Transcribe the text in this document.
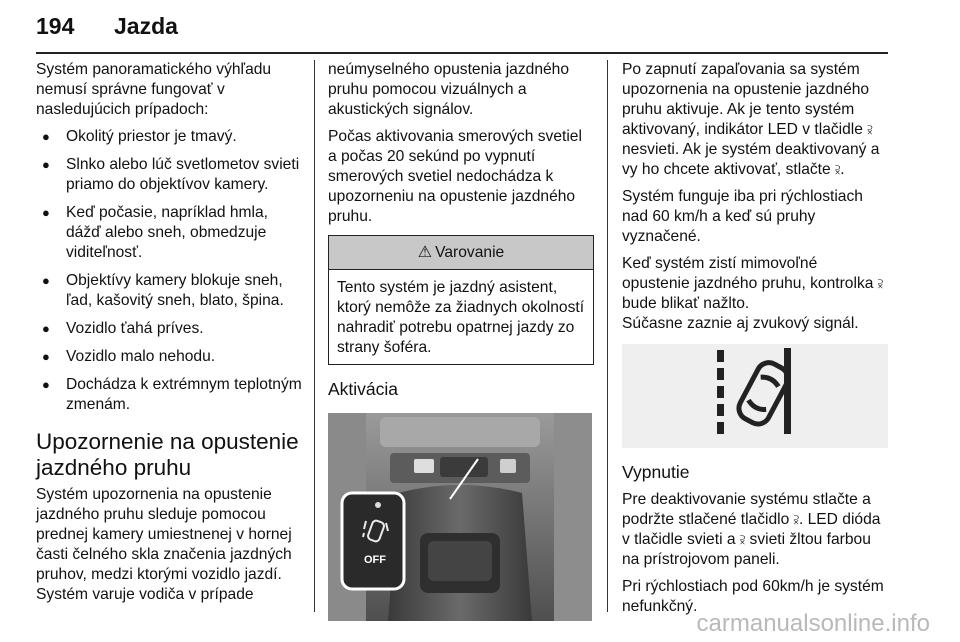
194	Jazda

Systém panoramatického výhľadu nemusí správne fungovať v nasledujúcich prípadoch:

● Okolitý priestor je tmavý.
● Slnko alebo lúč svetlometov svieti priamo do objektívov kamery.
● Keď počasie, napríklad hmla, dážď alebo sneh, obmedzuje viditeľnosť.
● Objektívy kamery blokuje sneh, ľad, kašovitý sneh, blato, špina.
● Vozidlo ťahá príves.
● Vozidlo malo nehodu.
● Dochádza k extrémnym teplotným zmenám.
Upozornenie na opustenie jazdného pruhu

Systém upozornenia na opustenie jazdného pruhu sleduje pomocou prednej kamery umiestnenej v hornej časti čelného skla značenia jazdných pruhov, medzi ktorými vozidlo jazdí. Systém varuje vodiča v prípade

neúmyselného opustenia jazdného pruhu pomocou vizuálnych a akustických signálov.

Počas aktivovania smerových svetiel a počas 20 sekúnd po vypnutí smerových svetiel nedochádza k upozorneniu na opustenie jazdného pruhu.

⚠ Varovanie
Tento systém je jazdný asistent, ktorý nemôže za žiadnych okolností nahradiť potrebu opatrnej jazdy zo strany šoféra.
Aktivácia
OFF

Po zapnutí zapaľovania sa systém upozornenia na opustenie jazdného pruhu aktivuje. Ak je tento systém aktivovaný, indikátor LED v tlačidle ⫂ nesvieti. Ak je systém deaktivovaný a vy ho chcete aktivovať, stlačte ⫂.

Systém funguje iba pri rýchlostiach nad 60 km/h a keď sú pruhy vyznačené.

Keď systém zistí mimovoľné opustenie jazdného pruhu, kontrolka ⫂ bude blikať nažlto.
Súčasne zaznie aj zvukový signál.

Vypnutie

Pre deaktivovanie systému stlačte a podržte stlačené tlačidlo ⫂. LED dióda v tlačidle svieti a ⫂ svieti žltou farbou na prístrojovom paneli.

Pri rýchlostiach pod 60km/h je systém nefunkčný.

carmanualsonline.info
